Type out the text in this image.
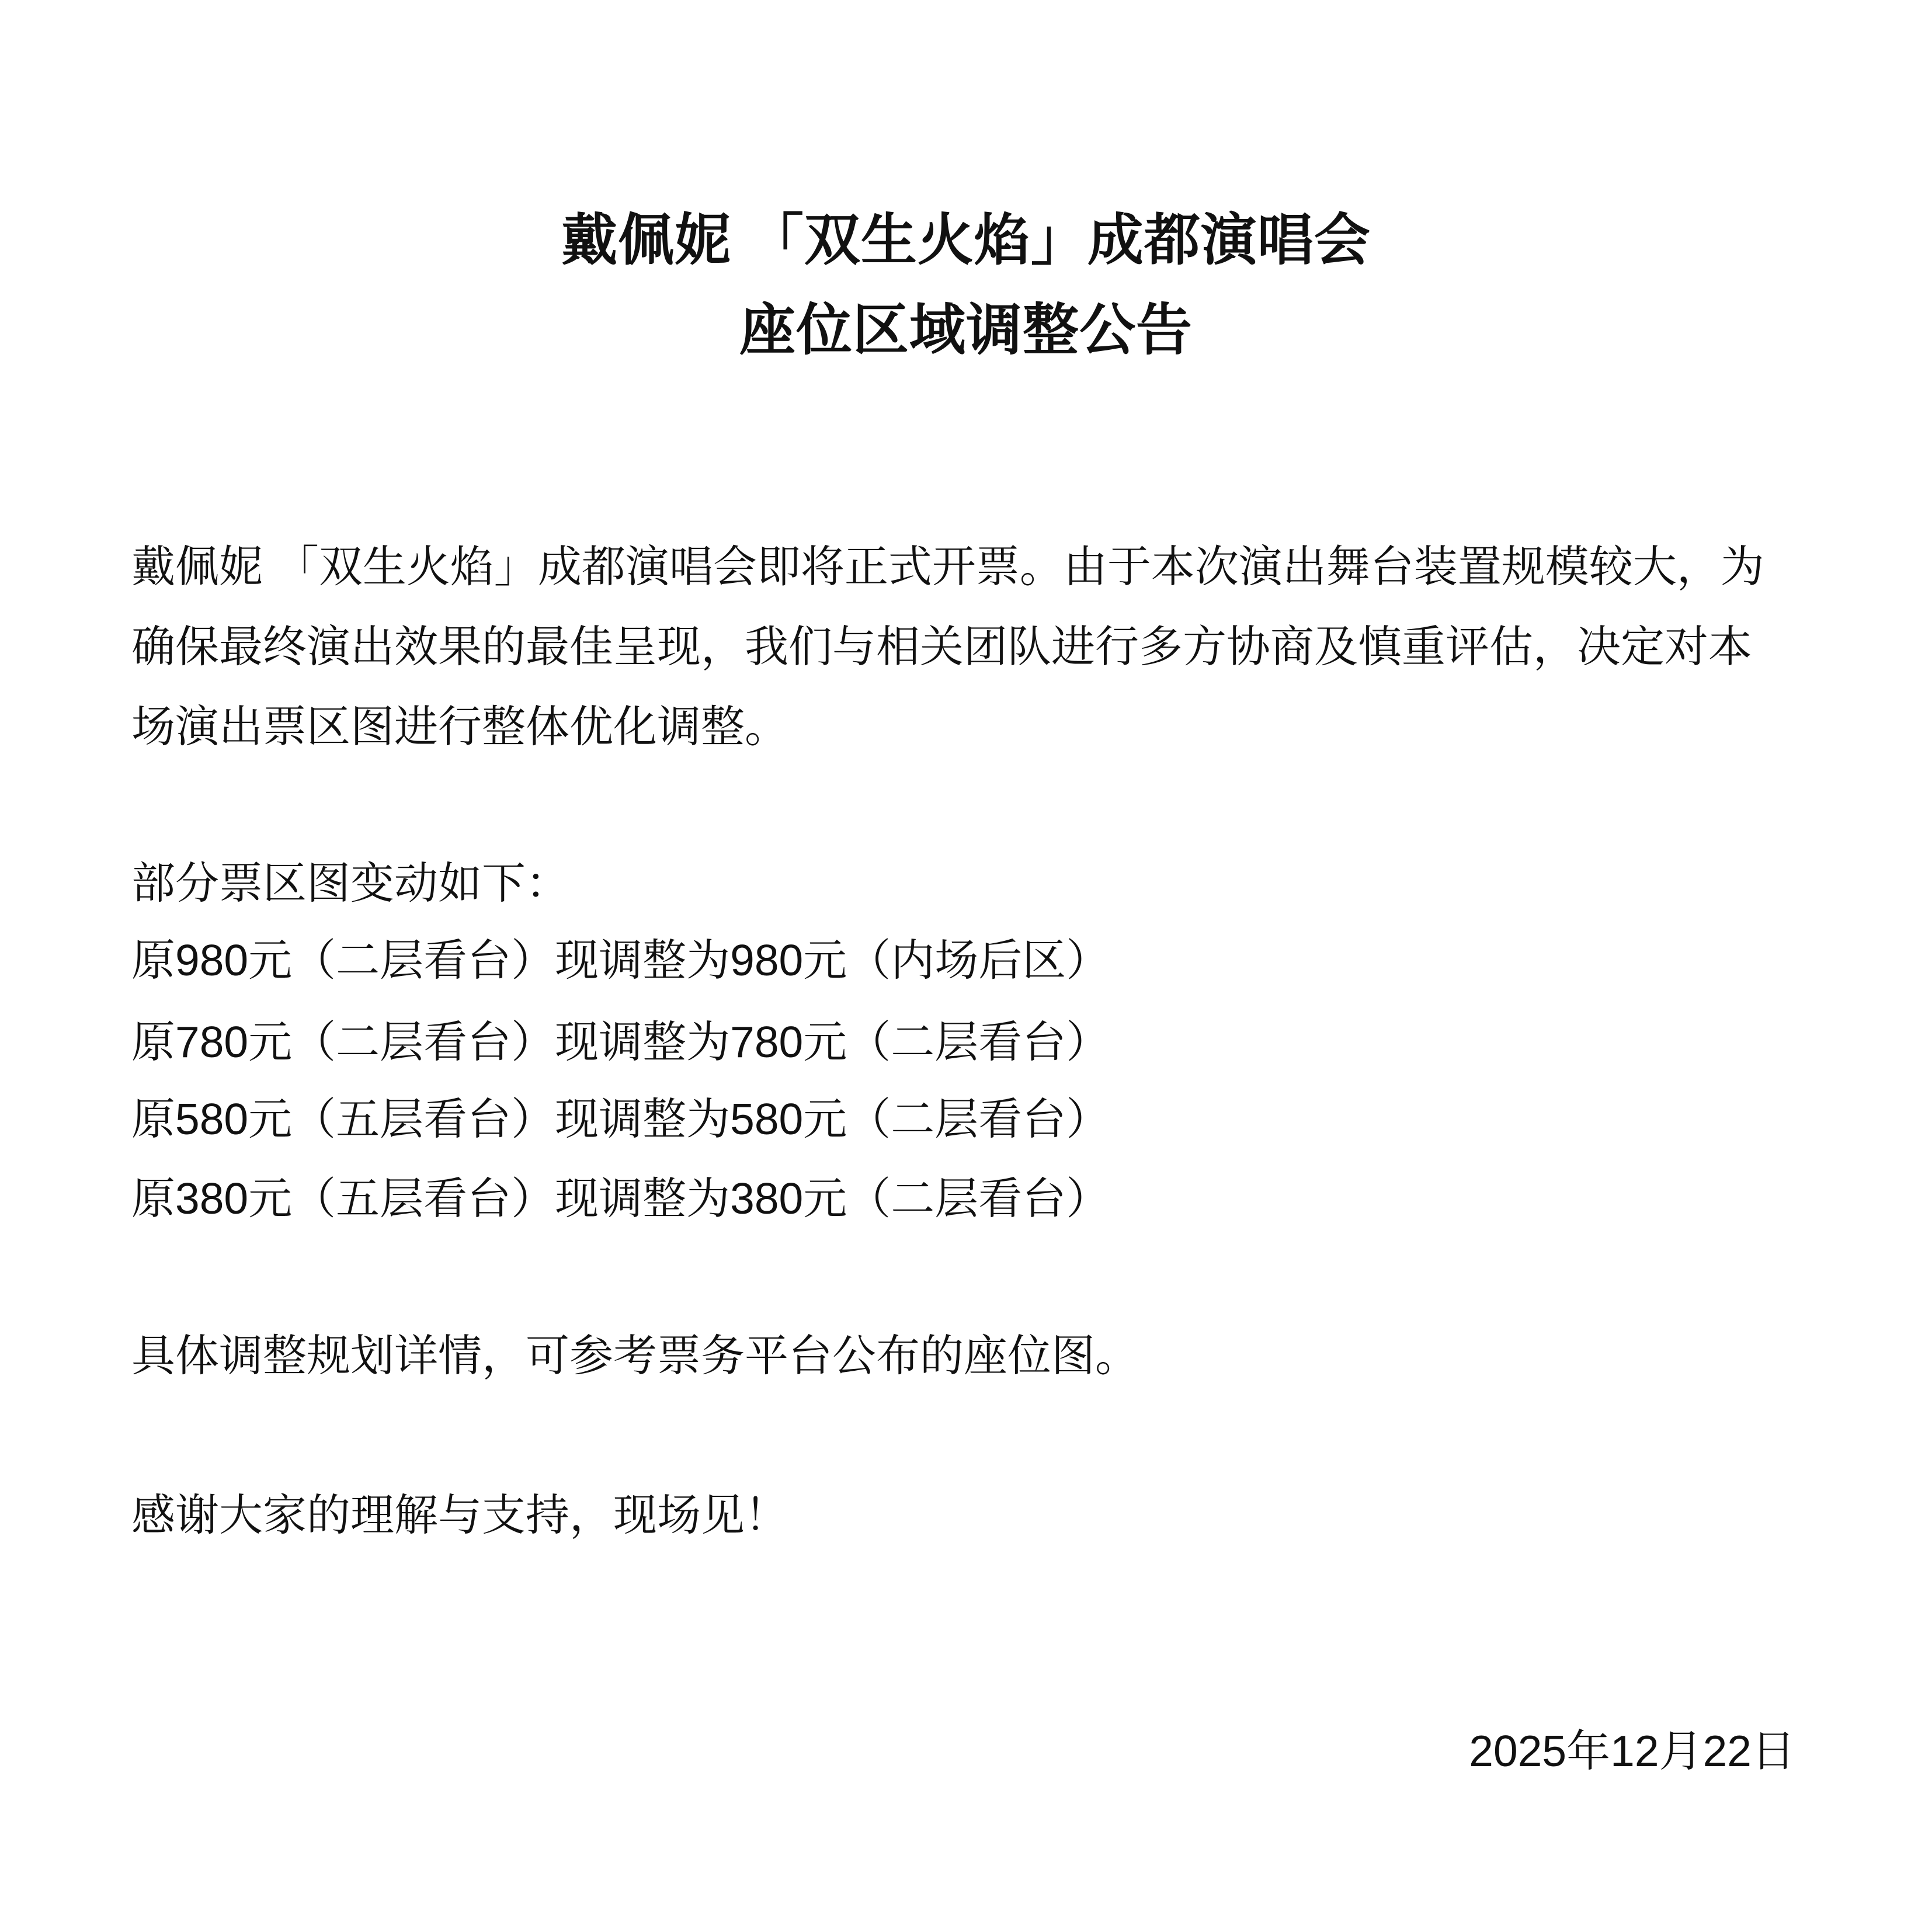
戴佩妮 「双生火焰」成都演唱会
座位区域调整公告
戴佩妮 「双生火焰」成都演唱会即将正式开票。由于本次演出舞台装置规模较大，为
确保最终演出效果的最佳呈现，我们与相关团队进行多方协商及慎重评估，决定对本
场演出票区图进行整体优化调整。
部分票区图变动如下：
原980元（二层看台）现调整为980元（内场后区）
原780元（二层看台）现调整为780元（二层看台）
原580元（五层看台）现调整为580元（二层看台）
原380元（五层看台）现调整为380元（二层看台）
具体调整规划详情，可参考票务平台公布的座位图。
感谢大家的理解与支持，现场见！
2025年12月22日
